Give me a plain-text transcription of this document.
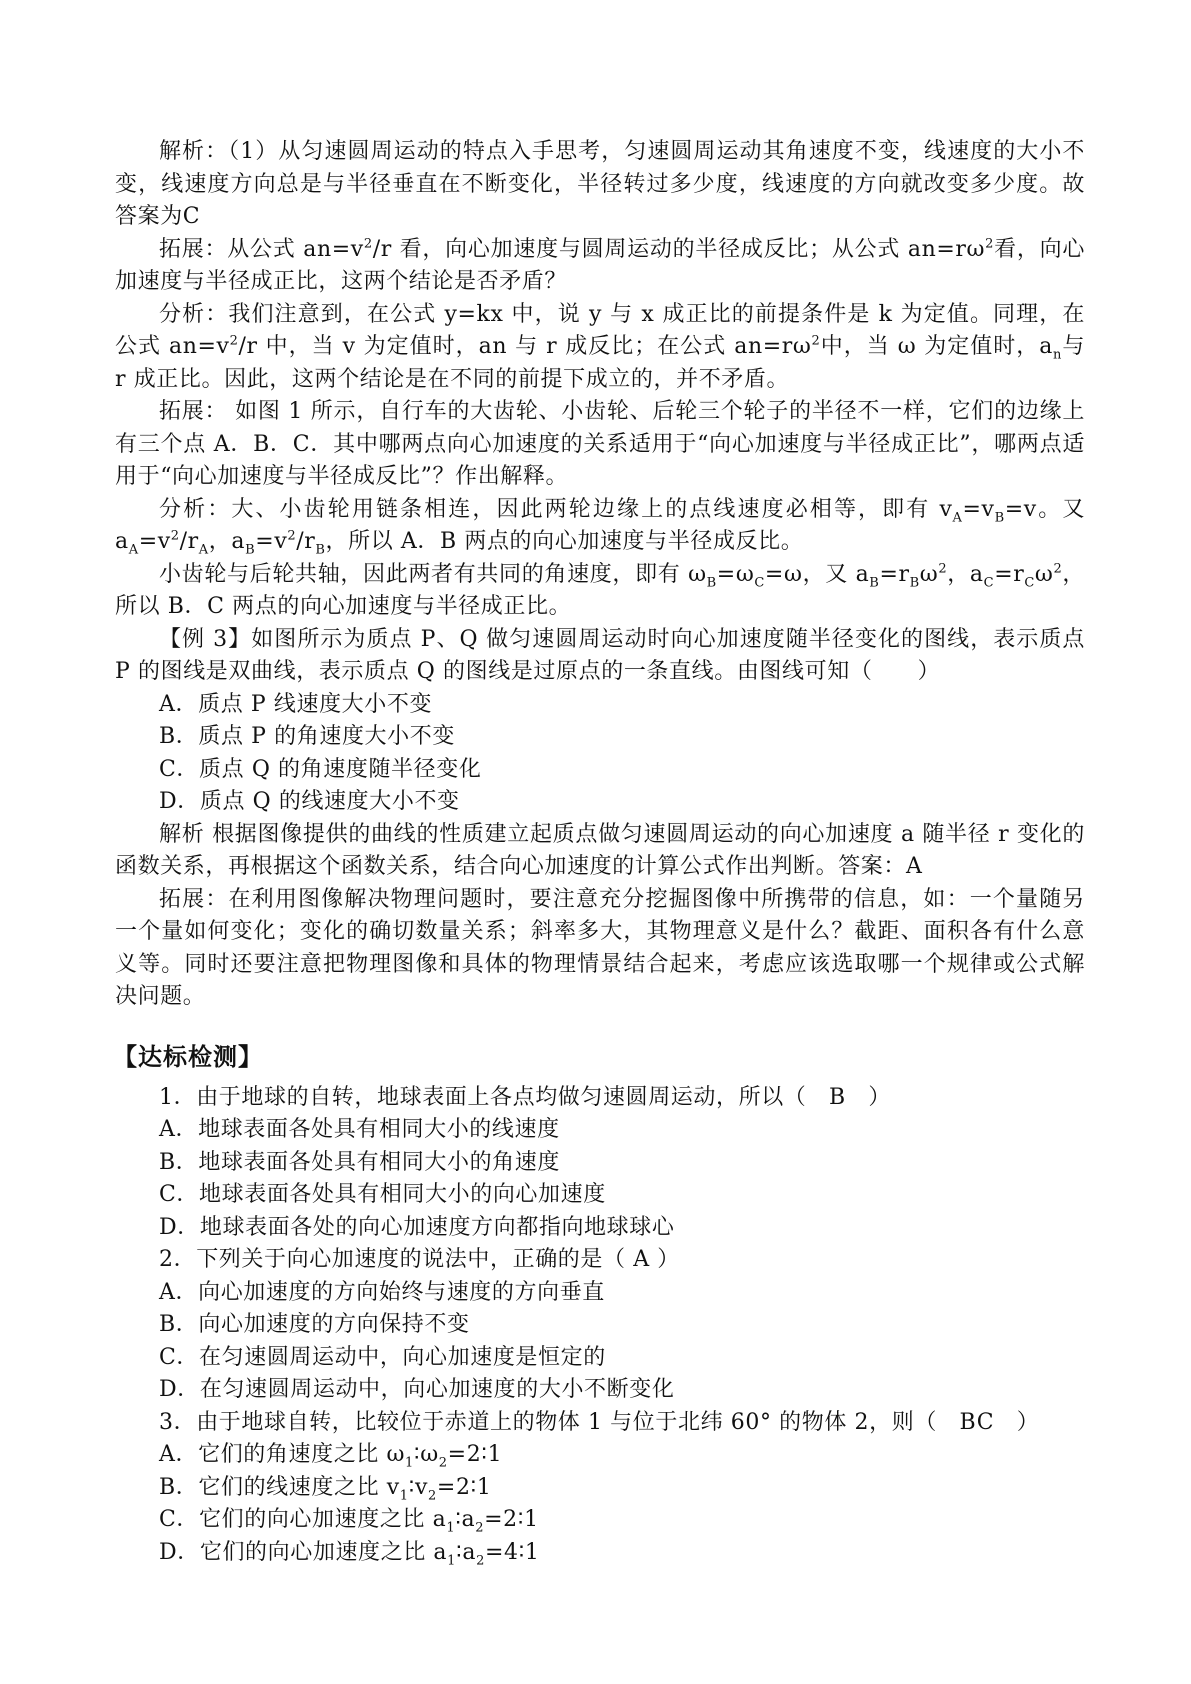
解析：（1）从匀速圆周运动的特点入手思考，匀速圆周运动其角速度不变，线速度的大小不变，线速度方向总是与半径垂直在不断变化，半径转过多少度，线速度的方向就改变多少度。故答案为C

拓展：从公式 $an=v^2/r$ 看，向心加速度与圆周运动的半径成反比；从公式 $an=r\omega^2$看，向心加速度与半径成正比，这两个结论是否矛盾？

分析：我们注意到，在公式 y=kx 中，说 y 与 x 成正比的前提条件是 k 为定值。同理，在公式 $an=v^2/r$ 中，当 v 为定值时，an 与 r 成反比；在公式 $an=r\omega^2$中，当 ω 为定值时，$a_n$与 r 成正比。因此，这两个结论是在不同的前提下成立的，并不矛盾。

拓展： 如图 1 所示，自行车的大齿轮、小齿轮、后轮三个轮子的半径不一样，它们的边缘上有三个点 A．B．C．其中哪两点向心加速度的关系适用于“向心加速度与半径成正比”，哪两点适用于“向心加速度与半径成反比”？作出解释。

分析：大、小齿轮用链条相连，因此两轮边缘上的点线速度必相等，即有 $v_A=v_B=v$。又 $a_A=v^2/r_A$，$a_B=v^2/r_B$，所以 A．B 两点的向心加速度与半径成反比。

小齿轮与后轮共轴，因此两者有共同的角速度，即有 $\omega_B=\omega_C=\omega$，又 $a_B=r_B\omega^2$，$a_C=r_C\omega^2$，所以 B．C 两点的向心加速度与半径成正比。

【例 3】如图所示为质点 P、Q 做匀速圆周运动时向心加速度随半径变化的图线，表示质点 P 的图线是双曲线，表示质点 Q 的图线是过原点的一条直线。由图线可知（　　）

A．质点 P 线速度大小不变

B．质点 P 的角速度大小不变

C．质点 Q 的角速度随半径变化

D．质点 Q 的线速度大小不变

解析 根据图像提供的曲线的性质建立起质点做匀速圆周运动的向心加速度 a 随半径 r 变化的函数关系，再根据这个函数关系，结合向心加速度的计算公式作出判断。答案：A

拓展：在利用图像解决物理问题时，要注意充分挖掘图像中所携带的信息，如：一个量随另一个量如何变化；变化的确切数量关系；斜率多大，其物理意义是什么？截距、面积各有什么意义等。同时还要注意把物理图像和具体的物理情景结合起来，考虑应该选取哪一个规律或公式解决问题。

【达标检测】

1．由于地球的自转，地球表面上各点均做匀速圆周运动，所以（　B　）

A．地球表面各处具有相同大小的线速度

B．地球表面各处具有相同大小的角速度

C．地球表面各处具有相同大小的向心加速度

D．地球表面各处的向心加速度方向都指向地球球心

2．下列关于向心加速度的说法中，正确的是（ A ）

A．向心加速度的方向始终与速度的方向垂直

B．向心加速度的方向保持不变

C．在匀速圆周运动中，向心加速度是恒定的

D．在匀速圆周运动中，向心加速度的大小不断变化

3．由于地球自转，比较位于赤道上的物体 1 与位于北纬 60° 的物体 2，则（　BC　）

A．它们的角速度之比 $\omega_1∶\omega_2=2∶1$

B．它们的线速度之比 $v_1∶v_2=2∶1$

C．它们的向心加速度之比 $a_1∶a_2=2∶1$

D．它们的向心加速度之比 $a_1∶a_2=4∶1$
